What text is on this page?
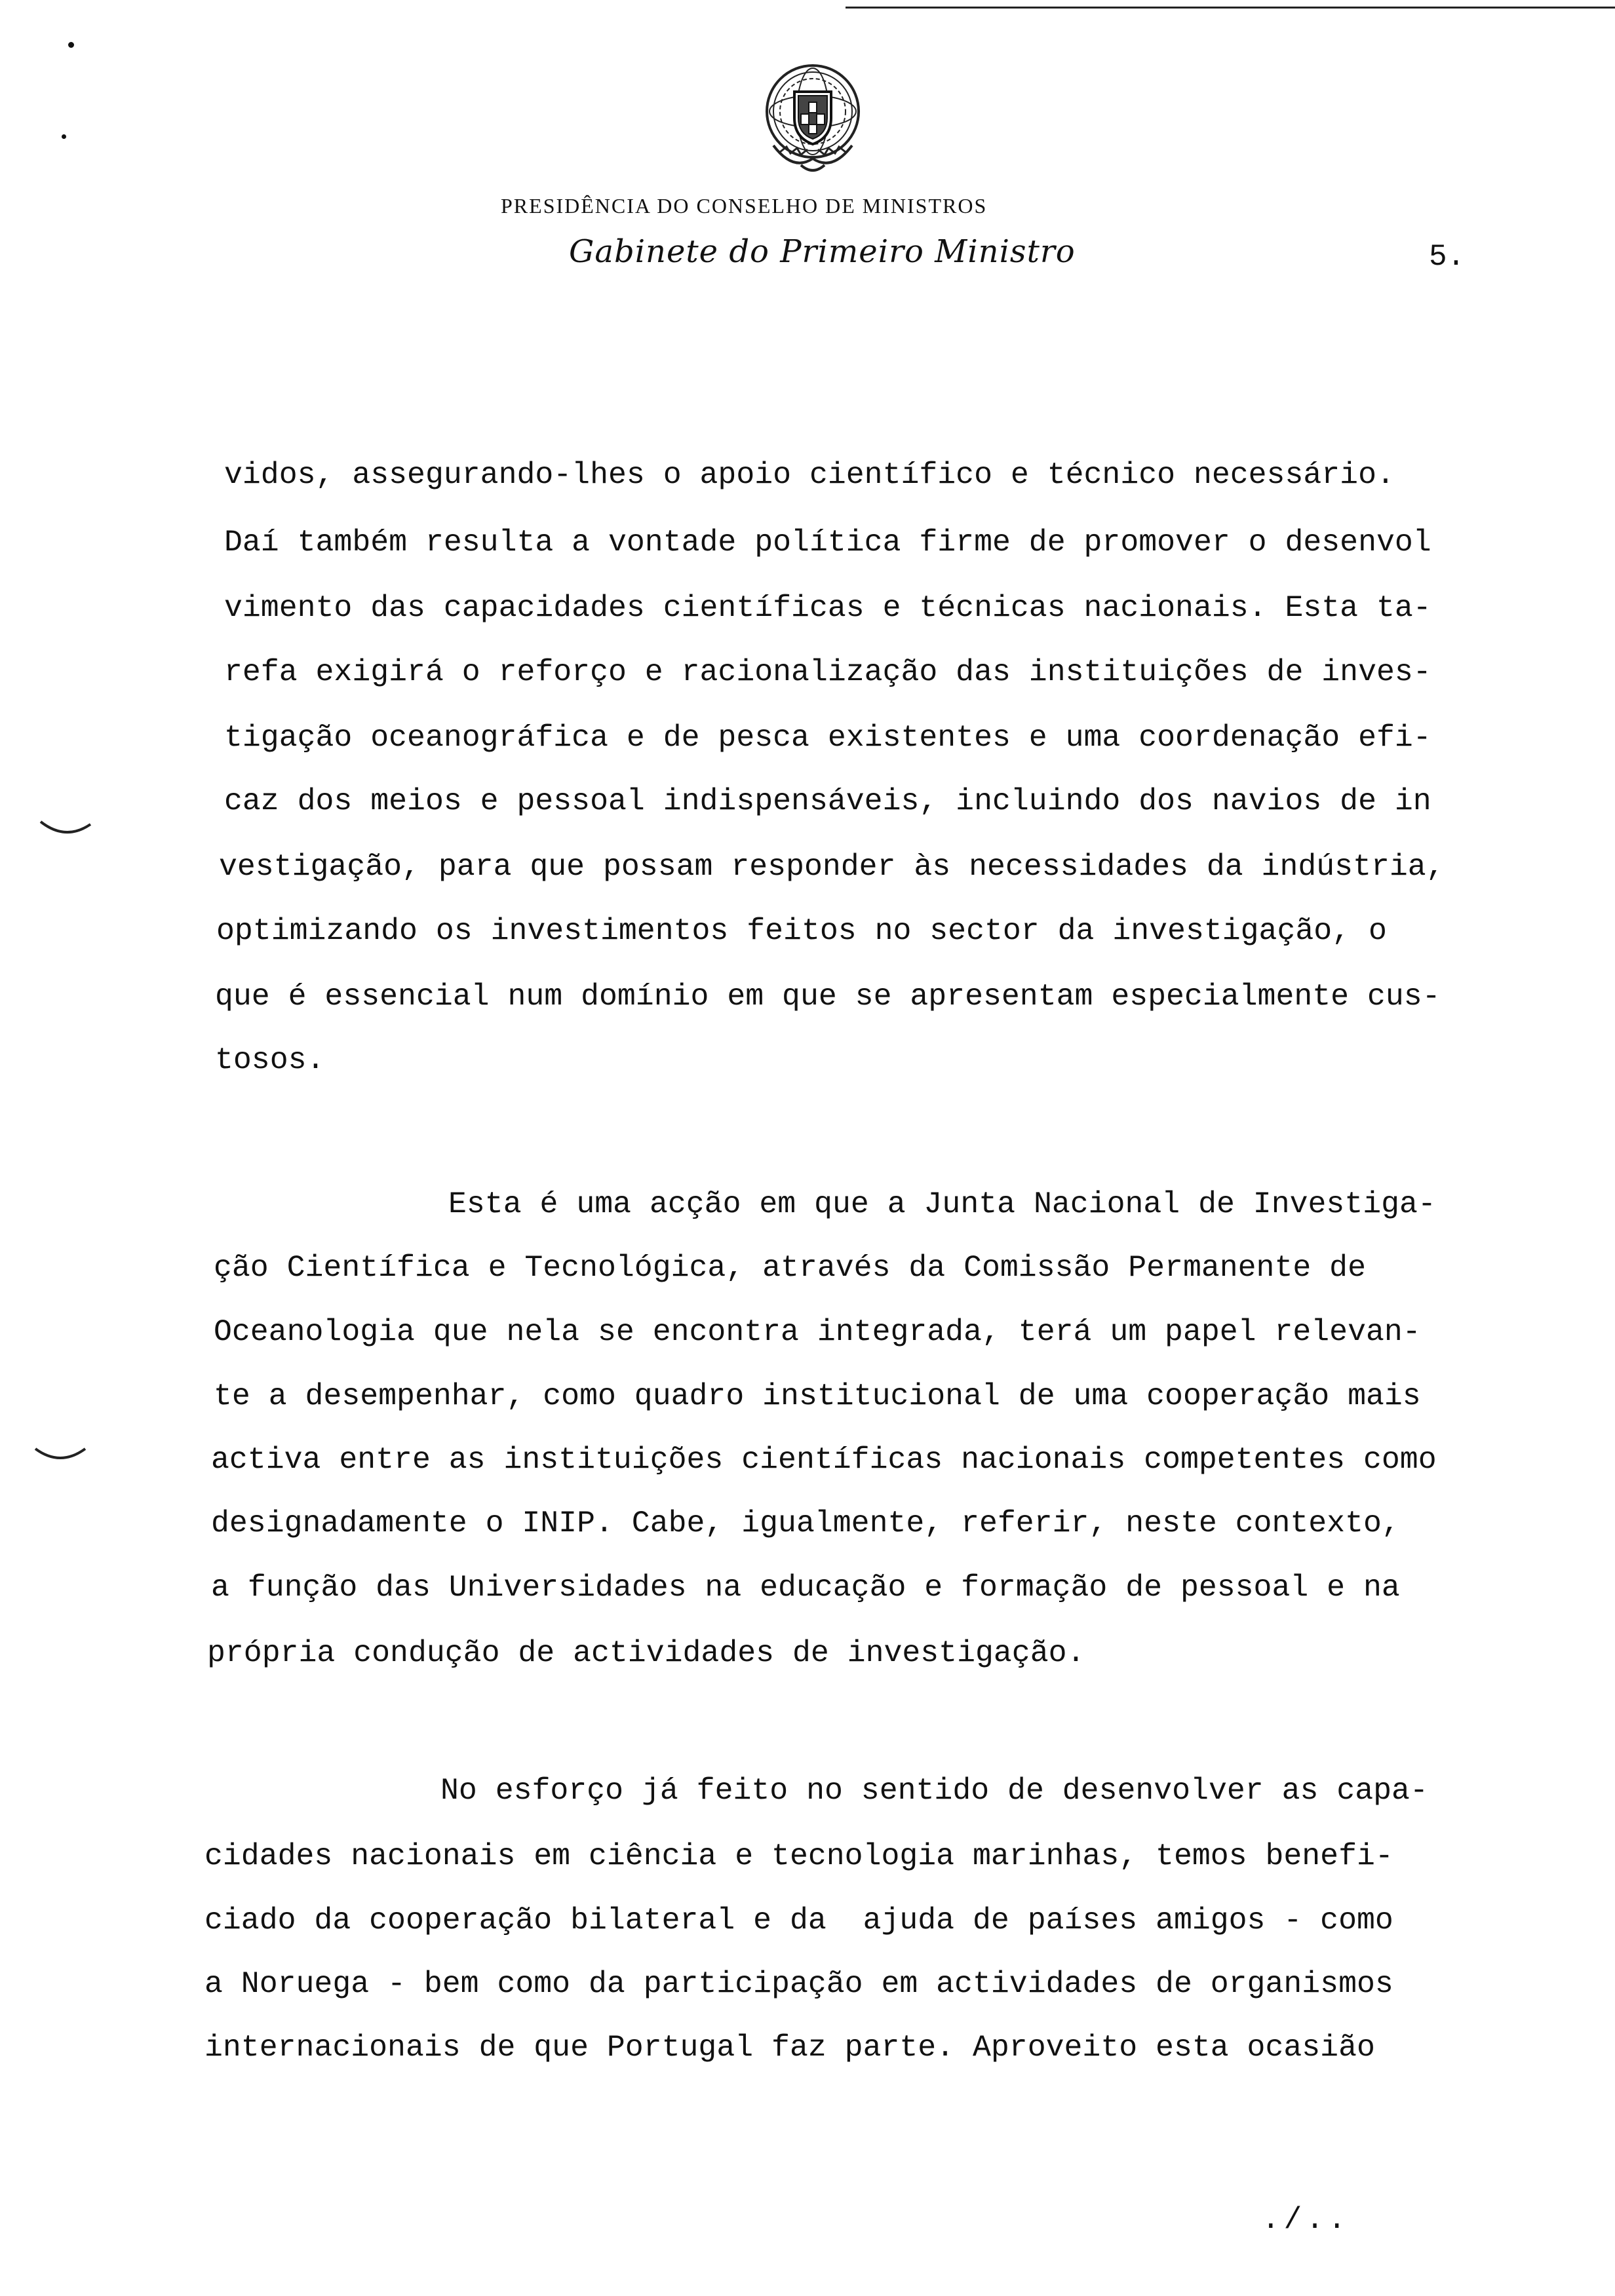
PRESIDÊNCIA DO CONSELHO DE MINISTROS
Gabinete do Primeiro Ministro	5.
vidos, assegurando-lhes o apoio científico e técnico necessário.
Daí também resulta a vontade política firme de promover o desenvol
vimento das capacidades científicas e técnicas nacionais. Esta ta-
refa exigirá o reforço e racionalização das instituições de inves-
tigação oceanográfica e de pesca existentes e uma coordenação efi-
caz dos meios e pessoal indispensáveis, incluindo dos navios de in
vestigação, para que possam responder às necessidades da indústria,
optimizando os investimentos feitos no sector da investigação, o
que é essencial num domínio em que se apresentam especialmente cus-
tosos.
Esta é uma acção em que a Junta Nacional de Investiga-
ção Científica e Tecnológica, através da Comissão Permanente de
Oceanologia que nela se encontra integrada, terá um papel relevan-
te a desempenhar, como quadro institucional de uma cooperação mais
activa entre as instituições científicas nacionais competentes como
designadamente o INIP. Cabe, igualmente, referir, neste contexto,
a função das Universidades na educação e formação de pessoal e na
própria condução de actividades de investigação.
No esforço já feito no sentido de desenvolver as capa-
cidades nacionais em ciência e tecnologia marinhas, temos benefi-
ciado da cooperação bilateral e da  ajuda de países amigos - como
a Noruega - bem como da participação em actividades de organismos
internacionais de que Portugal faz parte. Aproveito esta ocasião
./..
